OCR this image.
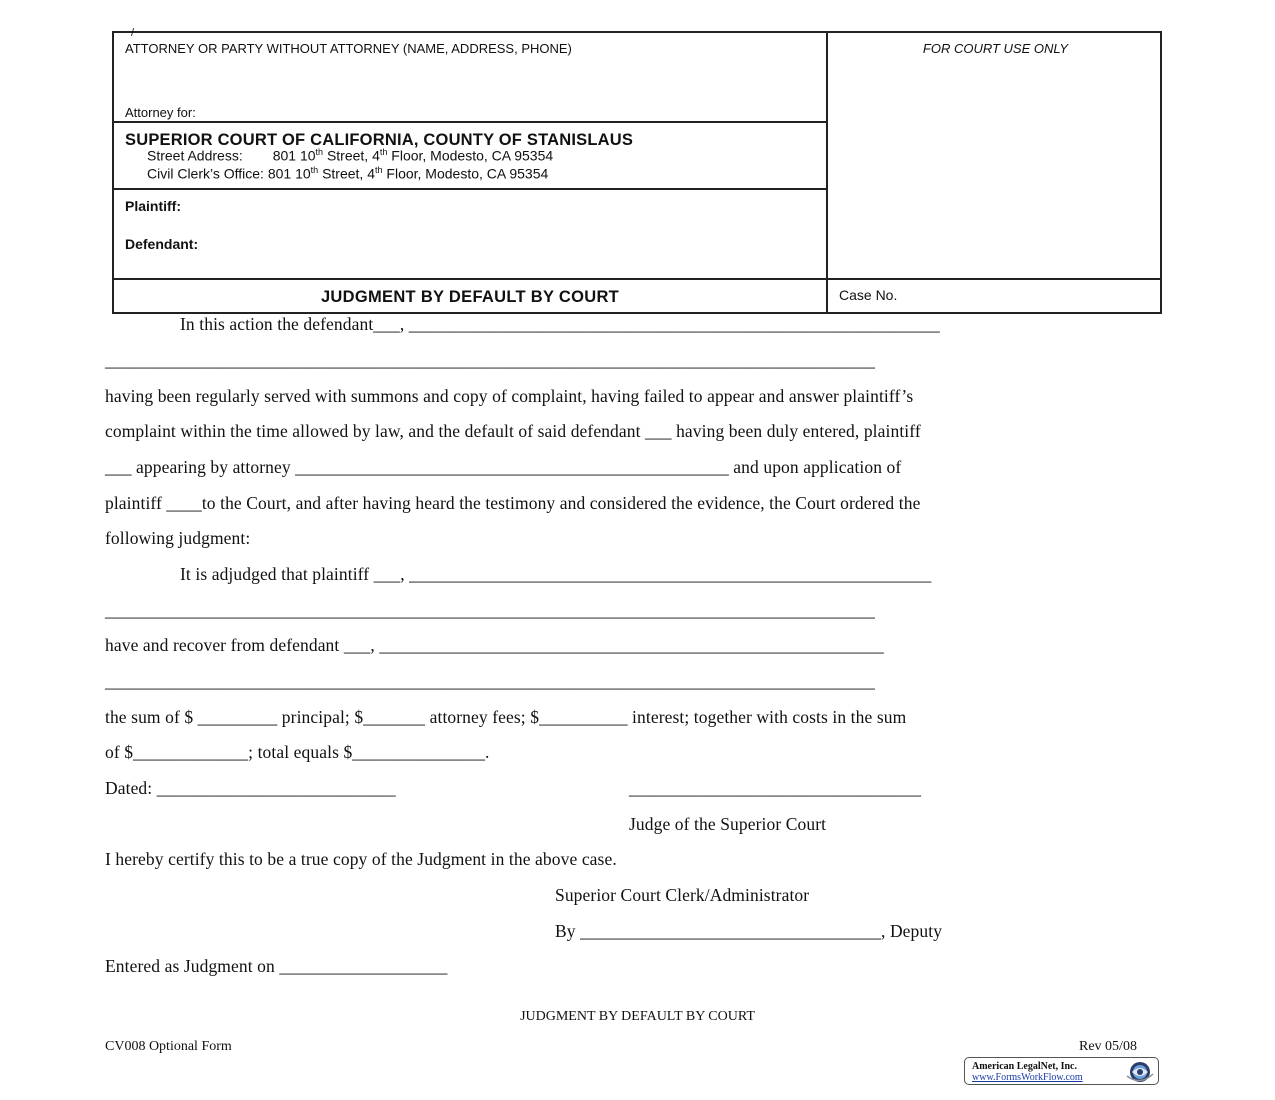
/
ATTORNEY OR PARTY WITHOUT ATTORNEY (NAME, ADDRESS, PHONE)
Attorney for:
FOR COURT USE ONLY
SUPERIOR COURT OF CALIFORNIA, COUNTY OF STANISLAUS
Street Address: 801 10th Street, 4th Floor, Modesto, CA 95354
Civil Clerk’s Office: 801 10th Street, 4th Floor, Modesto, CA 95354
Plaintiff:
Defendant:
JUDGMENT BY DEFAULT BY COURT	Case No.
In this action the defendant___, ____________________________________________________________
_______________________________________________________________________________________
having been regularly served with summons and copy of complaint, having failed to appear and answer plaintiff’s
complaint within the time allowed by law, and the default of said defendant ___ having been duly entered, plaintiff
___ appearing by attorney _________________________________________________ and upon application of
plaintiff ____to the Court, and after having heard the testimony and considered the evidence, the Court ordered the
following judgment:
It is adjudged that plaintiff ___, ___________________________________________________________
_______________________________________________________________________________________
have and recover from defendant ___, _________________________________________________________
_______________________________________________________________________________________
the sum of $ _________ principal; $_______ attorney fees; $__________ interest; together with costs in the sum
of $_____________; total equals $_______________.
Dated: ___________________________	_________________________________
Judge of the Superior Court
I hereby certify this to be a true copy of the Judgment in the above case.
Superior Court Clerk/Administrator
By __________________________________, Deputy
Entered as Judgment on ___________________
JUDGMENT BY DEFAULT BY COURT
CV008 Optional Form	Rev 05/08
American LegalNet, Inc.
www.FormsWorkFlow.com
